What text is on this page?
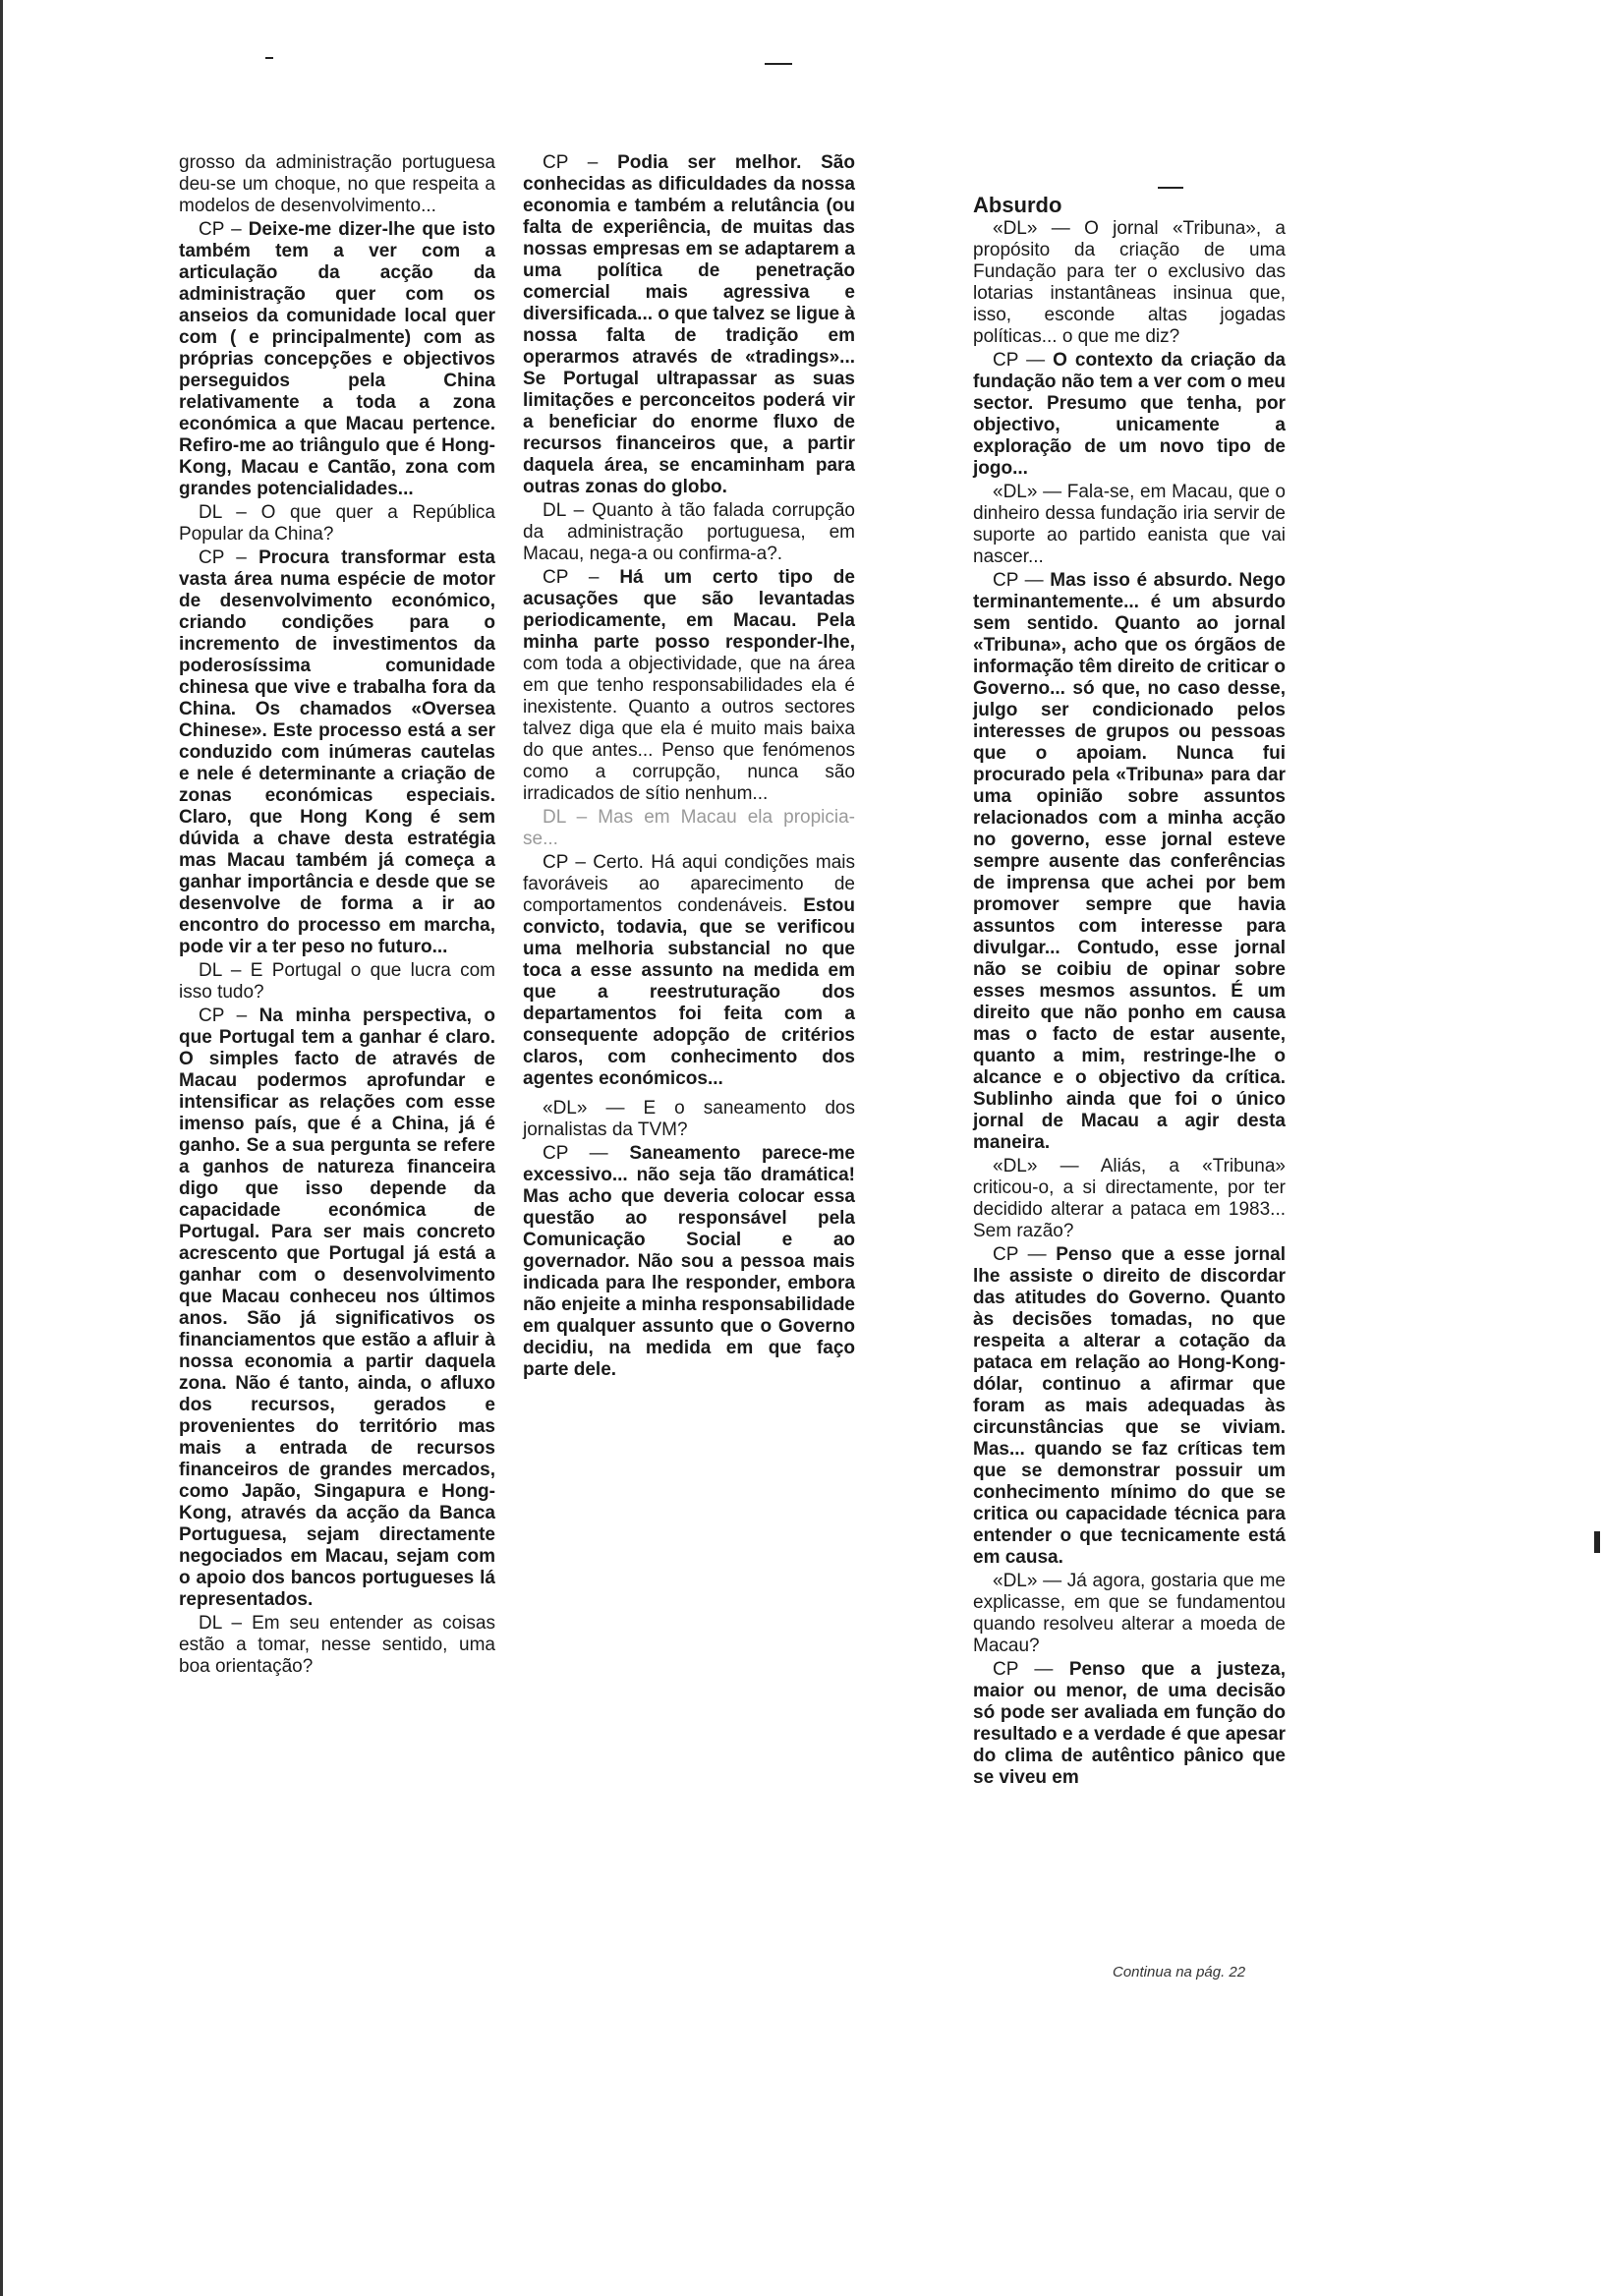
grosso da administração portuguesa deu-se um choque, no que respeita a modelos de desenvolvimento...

CP – Deixe-me dizer-lhe que isto também tem a ver com a articulação da acção da administração quer com os anseios da comunidade local quer com ( e principalmente) com as próprias concepções e objectivos perseguidos pela China relativamente a toda a zona económica a que Macau pertence. Refiro-me ao triângulo que é Hong-Kong, Macau e Cantão, zona com grandes potencialidades...

DL – O que quer a República Popular da China?

CP – Procura transformar esta vasta área numa espécie de motor de desenvolvimento económico, criando condições para o incremento de investimentos da poderosíssima comunidade chinesa que vive e trabalha fora da China. Os chamados «Oversea Chinese». Este processo está a ser conduzido com inúmeras cautelas e nele é determinante a criação de zonas económicas especiais. Claro, que Hong Kong é sem dúvida a chave desta estratégia mas Macau também já começa a ganhar importância e desde que se desenvolve de forma a ir ao encontro do processo em marcha, pode vir a ter peso no futuro...

DL – E Portugal o que lucra com isso tudo?

CP – Na minha perspectiva, o que Portugal tem a ganhar é claro. O simples facto de através de Macau podermos aprofundar e intensificar as relações com esse imenso país, que é a China, já é ganho. Se a sua pergunta se refere a ganhos de natureza financeira digo que isso depende da capacidade económica de Portugal. Para ser mais concreto acrescento que Portugal já está a ganhar com o desenvolvimento que Macau conheceu nos últimos anos. São já significativos os financiamentos que estão a afluir à nossa economia a partir daquela zona. Não é tanto, ainda, o afluxo dos recursos, gerados e provenientes do território mas mais a entrada de recursos financeiros de grandes mercados, como Japão, Singapura e Hong-Kong, através da acção da Banca Portuguesa, sejam directamente negociados em Macau, sejam com o apoio dos bancos portugueses lá representados.

DL – Em seu entender as coisas estão a tomar, nesse sentido, uma boa orientação?

CP – Podia ser melhor. São conhecidas as dificuldades da nossa economia e também a relutância (ou falta de experiência, de muitas das nossas empresas em se adaptarem a uma política de penetração comercial mais agressiva e diversificada... o que talvez se ligue à nossa falta de tradição em operarmos através de «tradings»... Se Portugal ultrapassar as suas limitações e perconceitos poderá vir a beneficiar do enorme fluxo de recursos financeiros que, a partir daquela área, se encaminham para outras zonas do globo.

DL – Quanto à tão falada corrupção da administração portuguesa, em Macau, nega-a ou confirma-a?.

CP – Há um certo tipo de acusações que são levantadas periodicamente, em Macau. Pela minha parte posso responder-lhe, com toda a objectividade, que na área em que tenho responsabilidades ela é inexistente. Quanto a outros sectores talvez diga que ela é muito mais baixa do que antes... Penso que fenómenos como a corrupção, nunca são irradicados de sítio nenhum...

DL – Mas em Macau ela propicia-se...

CP – Certo. Há aqui condições mais favoráveis ao aparecimento de comportamentos condenáveis. Estou convicto, todavia, que se verificou uma melhoria substancial no que toca a esse assunto na medida em que a reestruturação dos departamentos foi feita com a consequente adopção de critérios claros, com conhecimento dos agentes económicos...

«DL» — E o saneamento dos jornalistas da TVM?

CP — Saneamento parece-me excessivo... não seja tão dramática! Mas acho que deveria colocar essa questão ao responsável pela Comunicação Social e ao governador. Não sou a pessoa mais indicada para lhe responder, embora não enjeite a minha responsabilidade em qualquer assunto que o Governo decidiu, na medida em que faço parte dele.

Absurdo

«DL» — O jornal «Tribuna», a propósito da criação de uma Fundação para ter o exclusivo das lotarias instantâneas insinua que, isso, esconde altas jogadas políticas... o que me diz?

CP — O contexto da criação da fundação não tem a ver com o meu sector. Presumo que tenha, por objectivo, unicamente a exploração de um novo tipo de jogo...

«DL» — Fala-se, em Macau, que o dinheiro dessa fundação iria servir de suporte ao partido eanista que vai nascer...

CP — Mas isso é absurdo. Nego terminantemente... é um absurdo sem sentido. Quanto ao jornal «Tribuna», acho que os órgãos de informação têm direito de criticar o Governo... só que, no caso desse, julgo ser condicionado pelos interesses de grupos ou pessoas que o apoiam. Nunca fui procurado pela «Tribuna» para dar uma opinião sobre assuntos relacionados com a minha acção no governo, esse jornal esteve sempre ausente das conferências de imprensa que achei por bem promover sempre que havia assuntos com interesse para divulgar... Contudo, esse jornal não se coibiu de opinar sobre esses mesmos assuntos. É um direito que não ponho em causa mas o facto de estar ausente, quanto a mim, restringe-lhe o alcance e o objectivo da crítica. Sublinho ainda que foi o único jornal de Macau a agir desta maneira.

«DL» — Aliás, a «Tribuna» criticou-o, a si directamente, por ter decidido alterar a pataca em 1983... Sem razão?

CP — Penso que a esse jornal lhe assiste o direito de discordar das atitudes do Governo. Quanto às decisões tomadas, no que respeita a alterar a cotação da pataca em relação ao Hong-Kong-dólar, continuo a afirmar que foram as mais adequadas às circunstâncias que se viviam. Mas... quando se faz críticas tem que se demonstrar possuir um conhecimento mínimo do que se critica ou capacidade técnica para entender o que tecnicamente está em causa.

«DL» — Já agora, gostaria que me explicasse, em que se fundamentou quando resolveu alterar a moeda de Macau?

CP — Penso que a justeza, maior ou menor, de uma decisão só pode ser avaliada em função do resultado e a verdade é que apesar do clima de autêntico pânico que se viveu em

Continua na pág. 22
